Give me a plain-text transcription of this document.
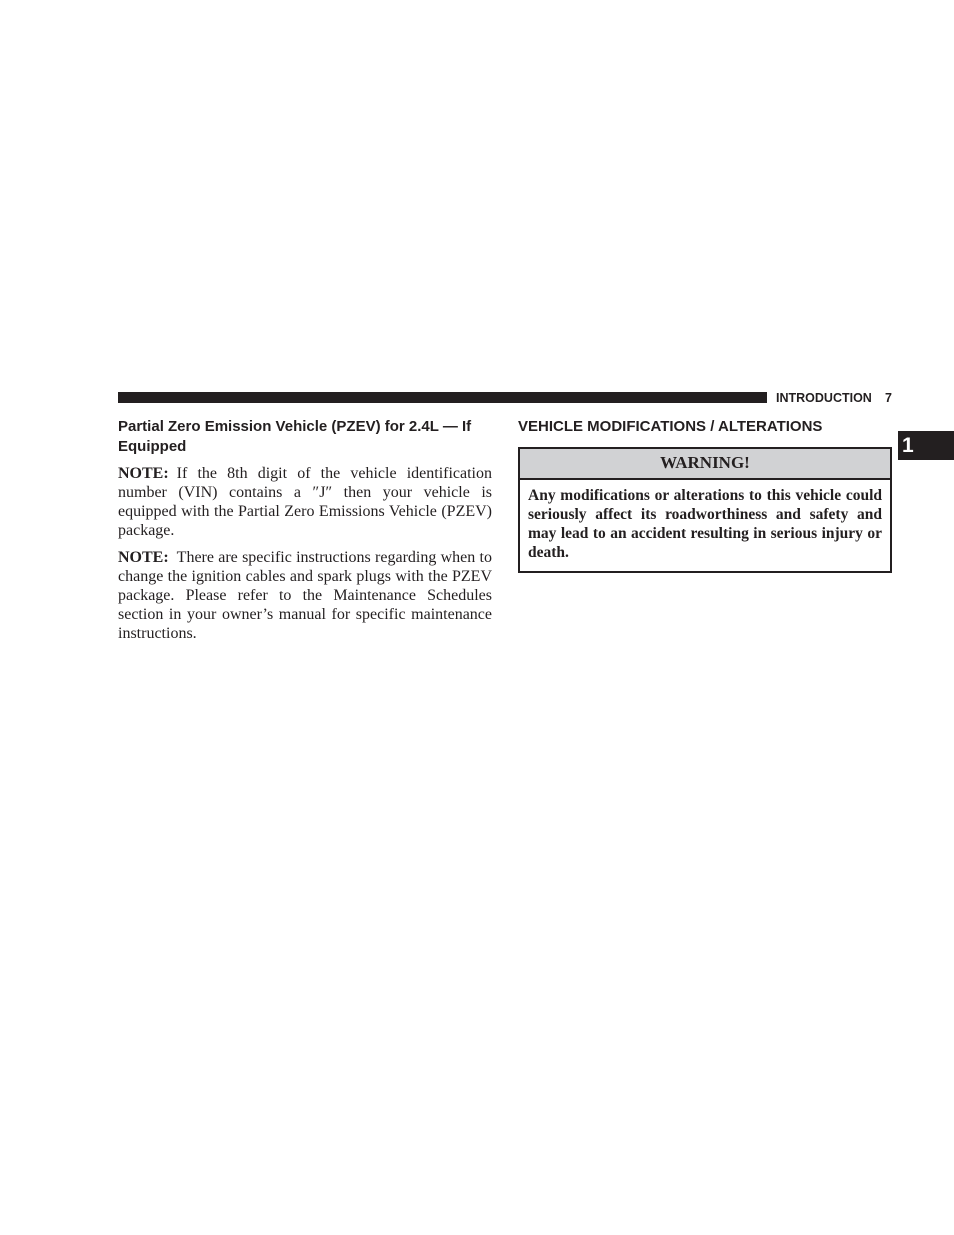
INTRODUCTION 7
1
Partial Zero Emission Vehicle (PZEV) for 2.4L — If Equipped

NOTE: If the 8th digit of the vehicle identification number (VIN) contains a ″J″ then your vehicle is equipped with the Partial Zero Emissions Vehicle (PZEV) package.

NOTE: There are specific instructions regarding when to change the ignition cables and spark plugs with the PZEV package. Please refer to the Maintenance Schedules section in your owner’s manual for specific maintenance instructions.

VEHICLE MODIFICATIONS / ALTERATIONS
WARNING!
Any modifications or alterations to this vehicle could seriously affect its roadworthiness and safety and may lead to an accident resulting in serious injury or death.
